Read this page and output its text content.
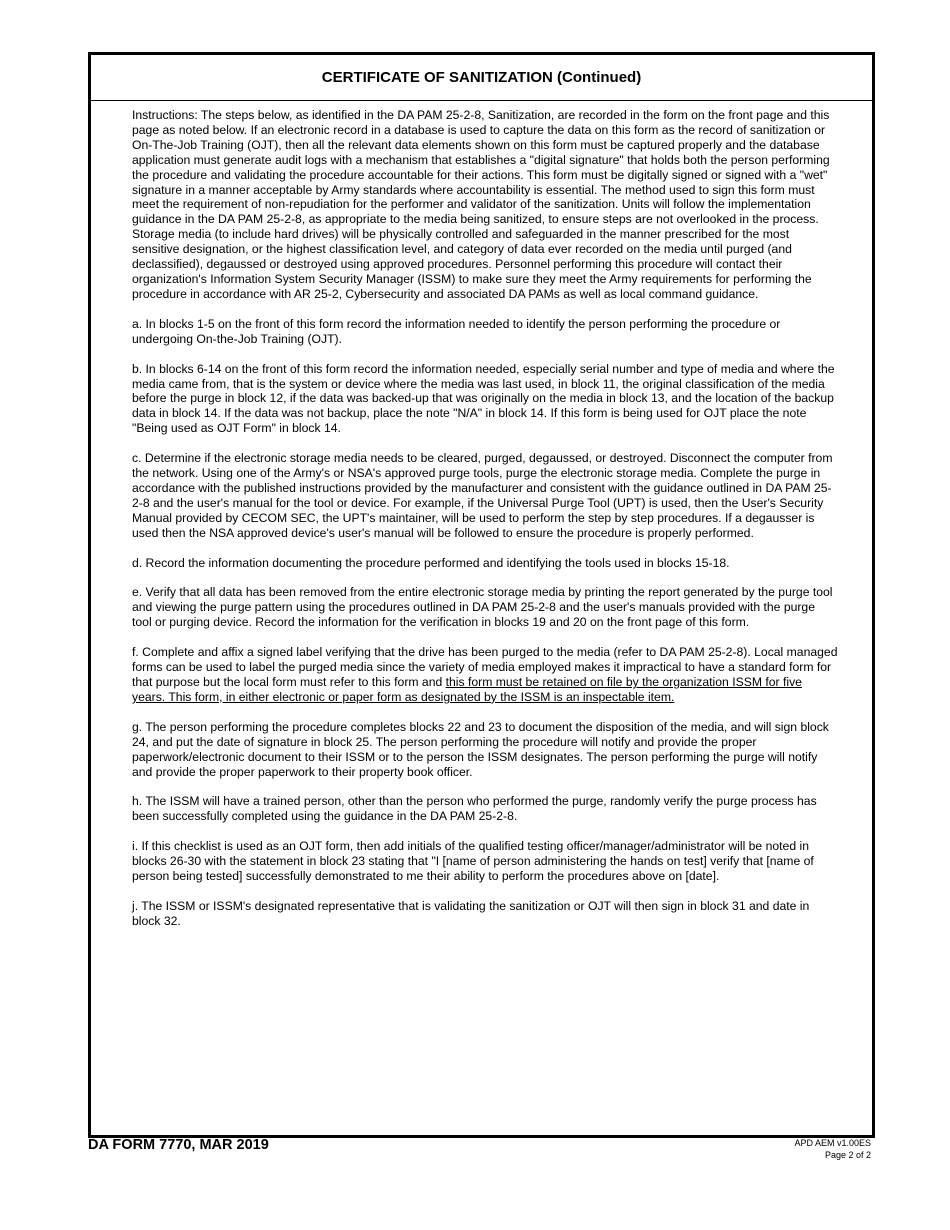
CERTIFICATE OF SANITIZATION (Continued)

Instructions: The steps below, as identified in the DA PAM 25-2-8, Sanitization, are recorded in the form on the front page and this page as noted below. If an electronic record in a database is used to capture the data on this form as the record of sanitization or On-The-Job Training (OJT), then all the relevant data elements shown on this form must be captured properly and the database application must generate audit logs with a mechanism that establishes a "digital signature" that holds both the person performing the procedure and validating the procedure accountable for their actions. This form must be digitally signed or signed with a "wet" signature in a manner acceptable by Army standards where accountability is essential. The method used to sign this form must meet the requirement of non-repudiation for the performer and validator of the sanitization. Units will follow the implementation guidance in the DA PAM 25-2-8, as appropriate to the media being sanitized, to ensure steps are not overlooked in the process. Storage media (to include hard drives) will be physically controlled and safeguarded in the manner prescribed for the most sensitive designation, or the highest classification level, and category of data ever recorded on the media until purged (and declassified), degaussed or destroyed using approved procedures. Personnel performing this procedure will contact their organization's Information System Security Manager (ISSM) to make sure they meet the Army requirements for performing the procedure in accordance with AR 25-2, Cybersecurity and associated DA PAMs as well as local command guidance.

a. In blocks 1-5 on the front of this form record the information needed to identify the person performing the procedure or undergoing On-the-Job Training (OJT).

b. In blocks 6-14 on the front of this form record the information needed, especially serial number and type of media and where the media came from, that is the system or device where the media was last used, in block 11, the original classification of the media before the purge in block 12, if the data was backed-up that was originally on the media in block 13, and the location of the backup data in block 14. If the data was not backup, place the note "N/A" in block 14. If this form is being used for OJT place the note "Being used as OJT Form" in block 14.

c. Determine if the electronic storage media needs to be cleared, purged, degaussed, or destroyed. Disconnect the computer from the network. Using one of the Army's or NSA's approved purge tools, purge the electronic storage media. Complete the purge in accordance with the published instructions provided by the manufacturer and consistent with the guidance outlined in DA PAM 25-2-8 and the user's manual for the tool or device. For example, if the Universal Purge Tool (UPT) is used, then the User's Security Manual provided by CECOM SEC, the UPT's maintainer, will be used to perform the step by step procedures. If a degausser is used then the NSA approved device's user's manual will be followed to ensure the procedure is properly performed.

d. Record the information documenting the procedure performed and identifying the tools used in blocks 15-18.

e. Verify that all data has been removed from the entire electronic storage media by printing the report generated by the purge tool and viewing the purge pattern using the procedures outlined in DA PAM 25-2-8 and the user's manuals provided with the purge tool or purging device. Record the information for the verification in blocks 19 and 20 on the front page of this form.

f. Complete and affix a signed label verifying that the drive has been purged to the media (refer to DA PAM 25-2-8). Local managed forms can be used to label the purged media since the variety of media employed makes it impractical to have a standard form for that purpose but the local form must refer to this form and this form must be retained on file by the organization ISSM for five years. This form, in either electronic or paper form as designated by the ISSM is an inspectable item.

g. The person performing the procedure completes blocks 22 and 23 to document the disposition of the media, and will sign block 24, and put the date of signature in block 25. The person performing the procedure will notify and provide the proper paperwork/electronic document to their ISSM or to the person the ISSM designates. The person performing the purge will notify and provide the proper paperwork to their property book officer.

h. The ISSM will have a trained person, other than the person who performed the purge, randomly verify the purge process has been successfully completed using the guidance in the DA PAM 25-2-8.

i. If this checklist is used as an OJT form, then add initials of the qualified testing officer/manager/administrator will be noted in blocks 26-30 with the statement in block 23 stating that "I [name of person administering the hands on test] verify that [name of person being tested] successfully demonstrated to me their ability to perform the procedures above on [date].

j. The ISSM or ISSM's designated representative that is validating the sanitization or OJT will then sign in block 31 and date in block 32.

DA FORM 7770, MAR 2019	APD AEM v1.00ES
Page 2 of 2
